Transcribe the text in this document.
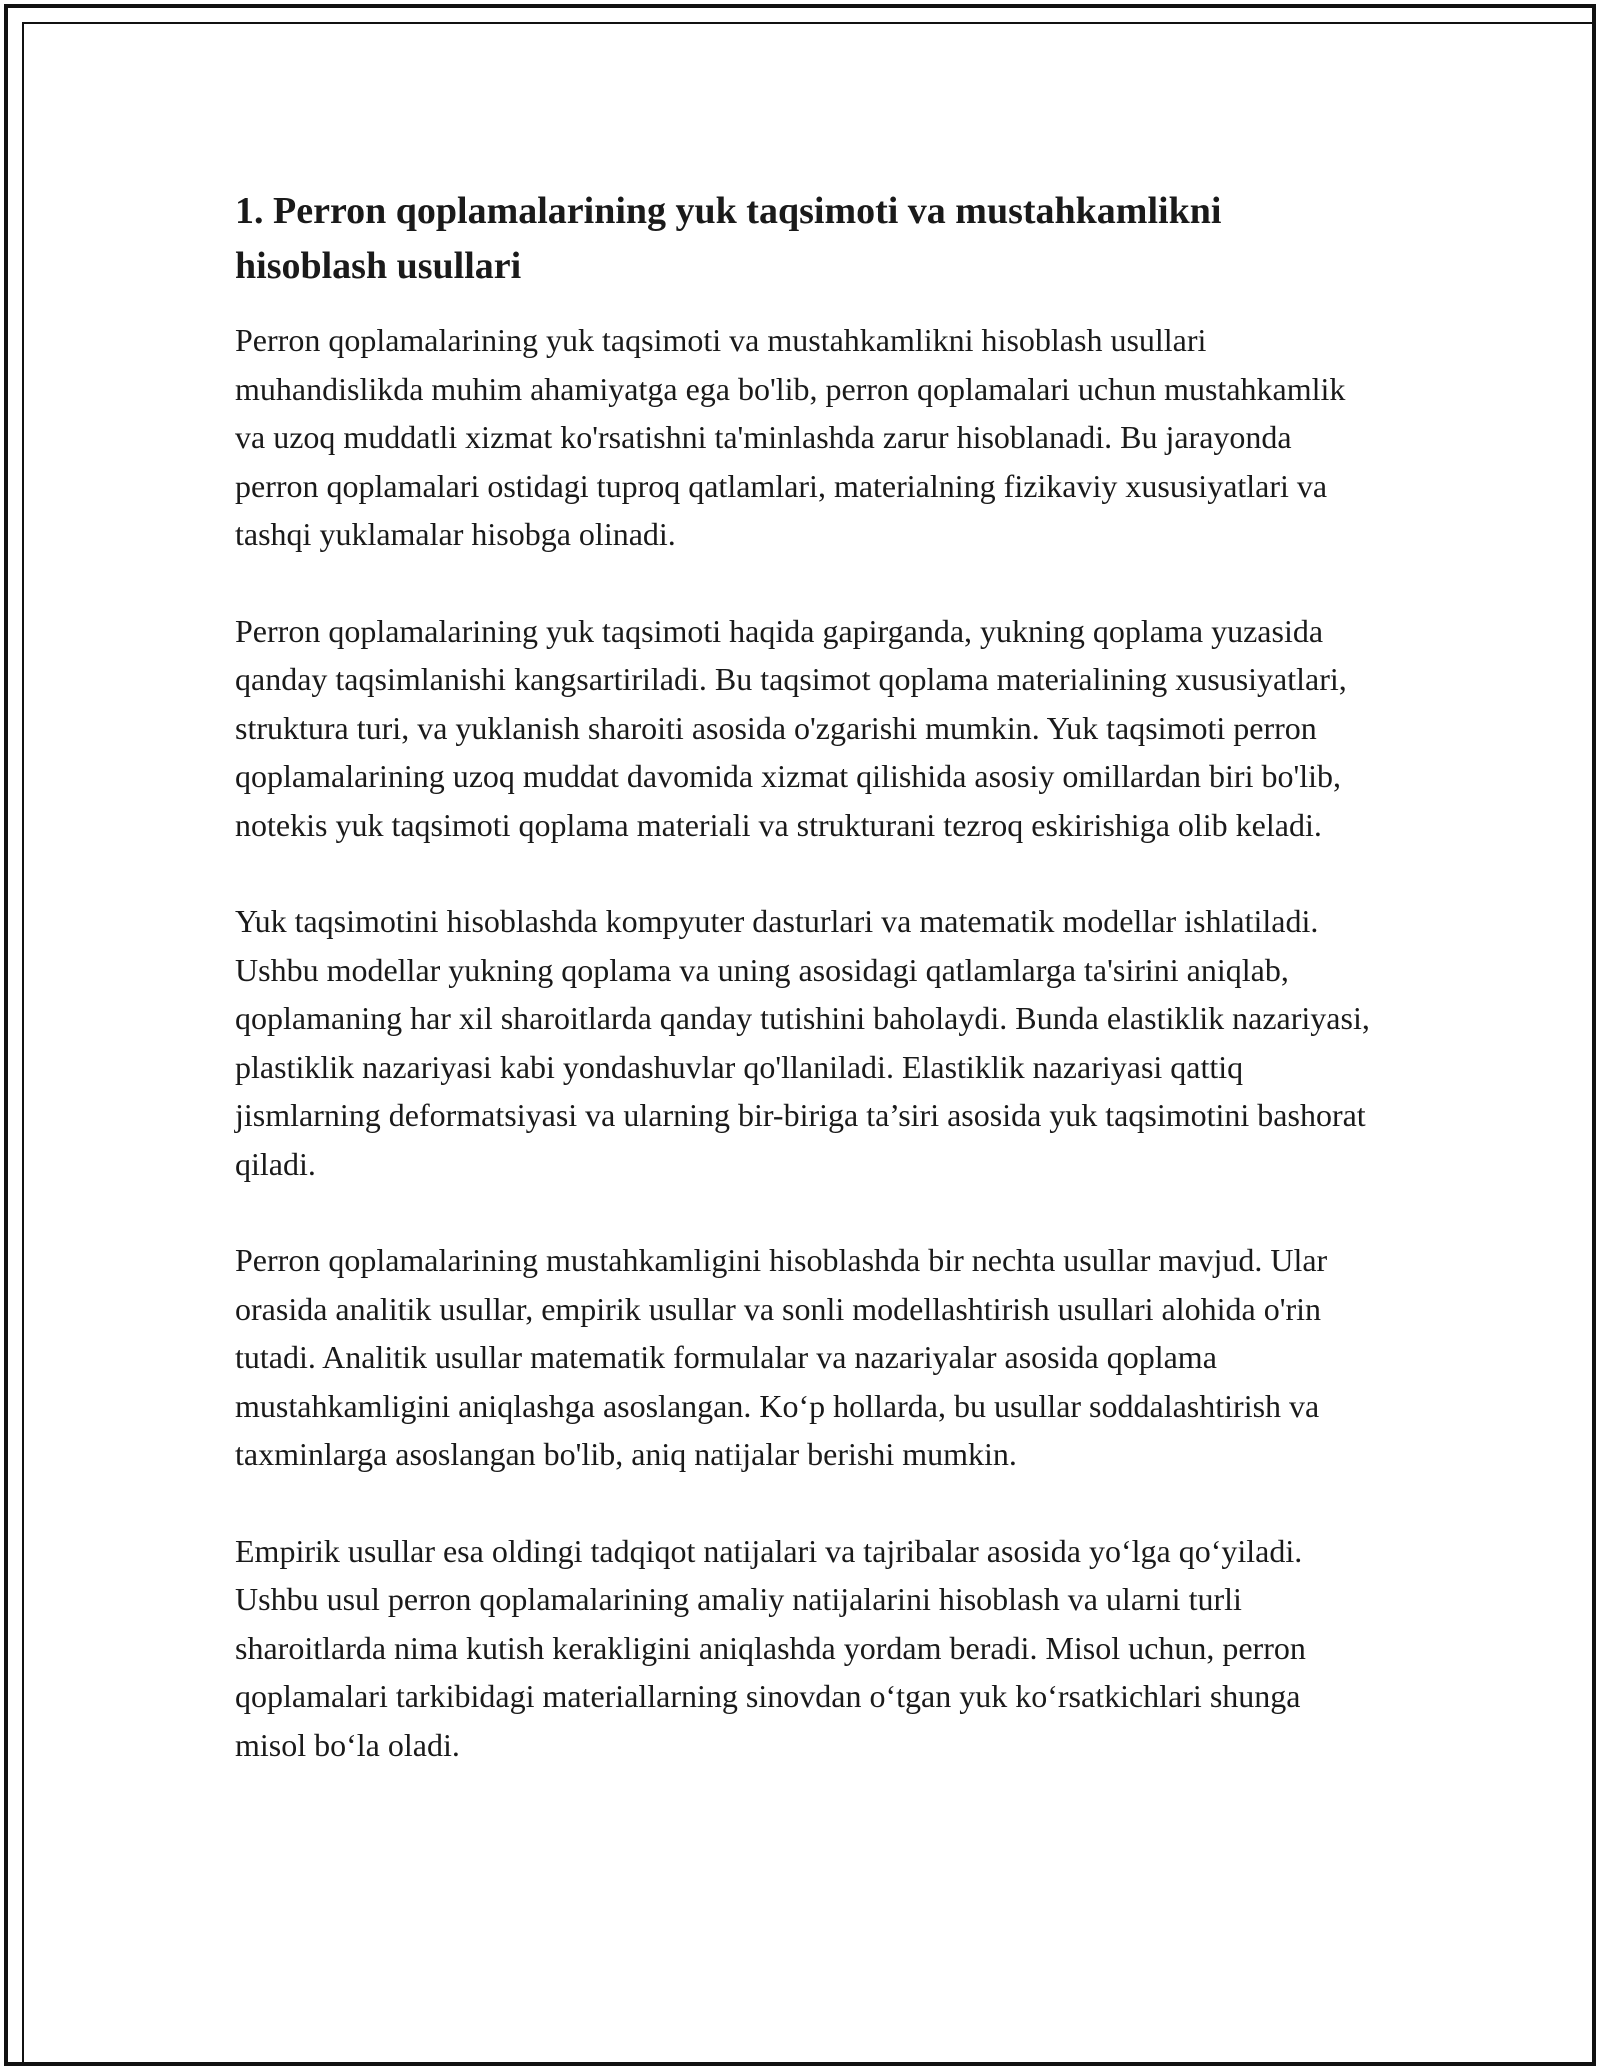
1. Perron qoplamalarining yuk taqsimoti va mustahkamlikni hisoblash usullari

Perron qoplamalarining yuk taqsimoti va mustahkamlikni hisoblash usullari muhandislikda muhim ahamiyatga ega bo'lib, perron qoplamalari uchun mustahkamlik va uzoq muddatli xizmat ko'rsatishni ta'minlashda zarur hisoblanadi. Bu jarayonda perron qoplamalari ostidagi tuproq qatlamlari, materialning fizikaviy xususiyatlari va tashqi yuklamalar hisobga olinadi.

Perron qoplamalarining yuk taqsimoti haqida gapirganda, yukning qoplama yuzasida qanday taqsimlanishi kangsartiriladi. Bu taqsimot qoplama materialining xususiyatlari, struktura turi, va yuklanish sharoiti asosida o'zgarishi mumkin. Yuk taqsimoti perron qoplamalarining uzoq muddat davomida xizmat qilishida asosiy omillardan biri bo'lib, notekis yuk taqsimoti qoplama materiali va strukturani tezroq eskirishiga olib keladi.

Yuk taqsimotini hisoblashda kompyuter dasturlari va matematik modellar ishlatiladi. Ushbu modellar yukning qoplama va uning asosidagi qatlamlarga ta'sirini aniqlab, qoplamaning har xil sharoitlarda qanday tutishini baholaydi. Bunda elastiklik nazariyasi, plastiklik nazariyasi kabi yondashuvlar qo'llaniladi. Elastiklik nazariyasi qattiq jismlarning deformatsiyasi va ularning bir-biriga ta’siri asosida yuk taqsimotini bashorat qiladi.

Perron qoplamalarining mustahkamligini hisoblashda bir nechta usullar mavjud. Ular orasida analitik usullar, empirik usullar va sonli modellashtirish usullari alohida o'rin tutadi. Analitik usullar matematik formulalar va nazariyalar asosida qoplama mustahkamligini aniqlashga asoslangan. Ko‘p hollarda, bu usullar soddalashtirish va taxminlarga asoslangan bo'lib, aniq natijalar berishi mumkin.

Empirik usullar esa oldingi tadqiqot natijalari va tajribalar asosida yo‘lga qo‘yiladi. Ushbu usul perron qoplamalarining amaliy natijalarini hisoblash va ularni turli sharoitlarda nima kutish kerakligini aniqlashda yordam beradi. Misol uchun, perron qoplamalari tarkibidagi materiallarning sinovdan o‘tgan yuk ko‘rsatkichlari shunga misol bo‘la oladi.
